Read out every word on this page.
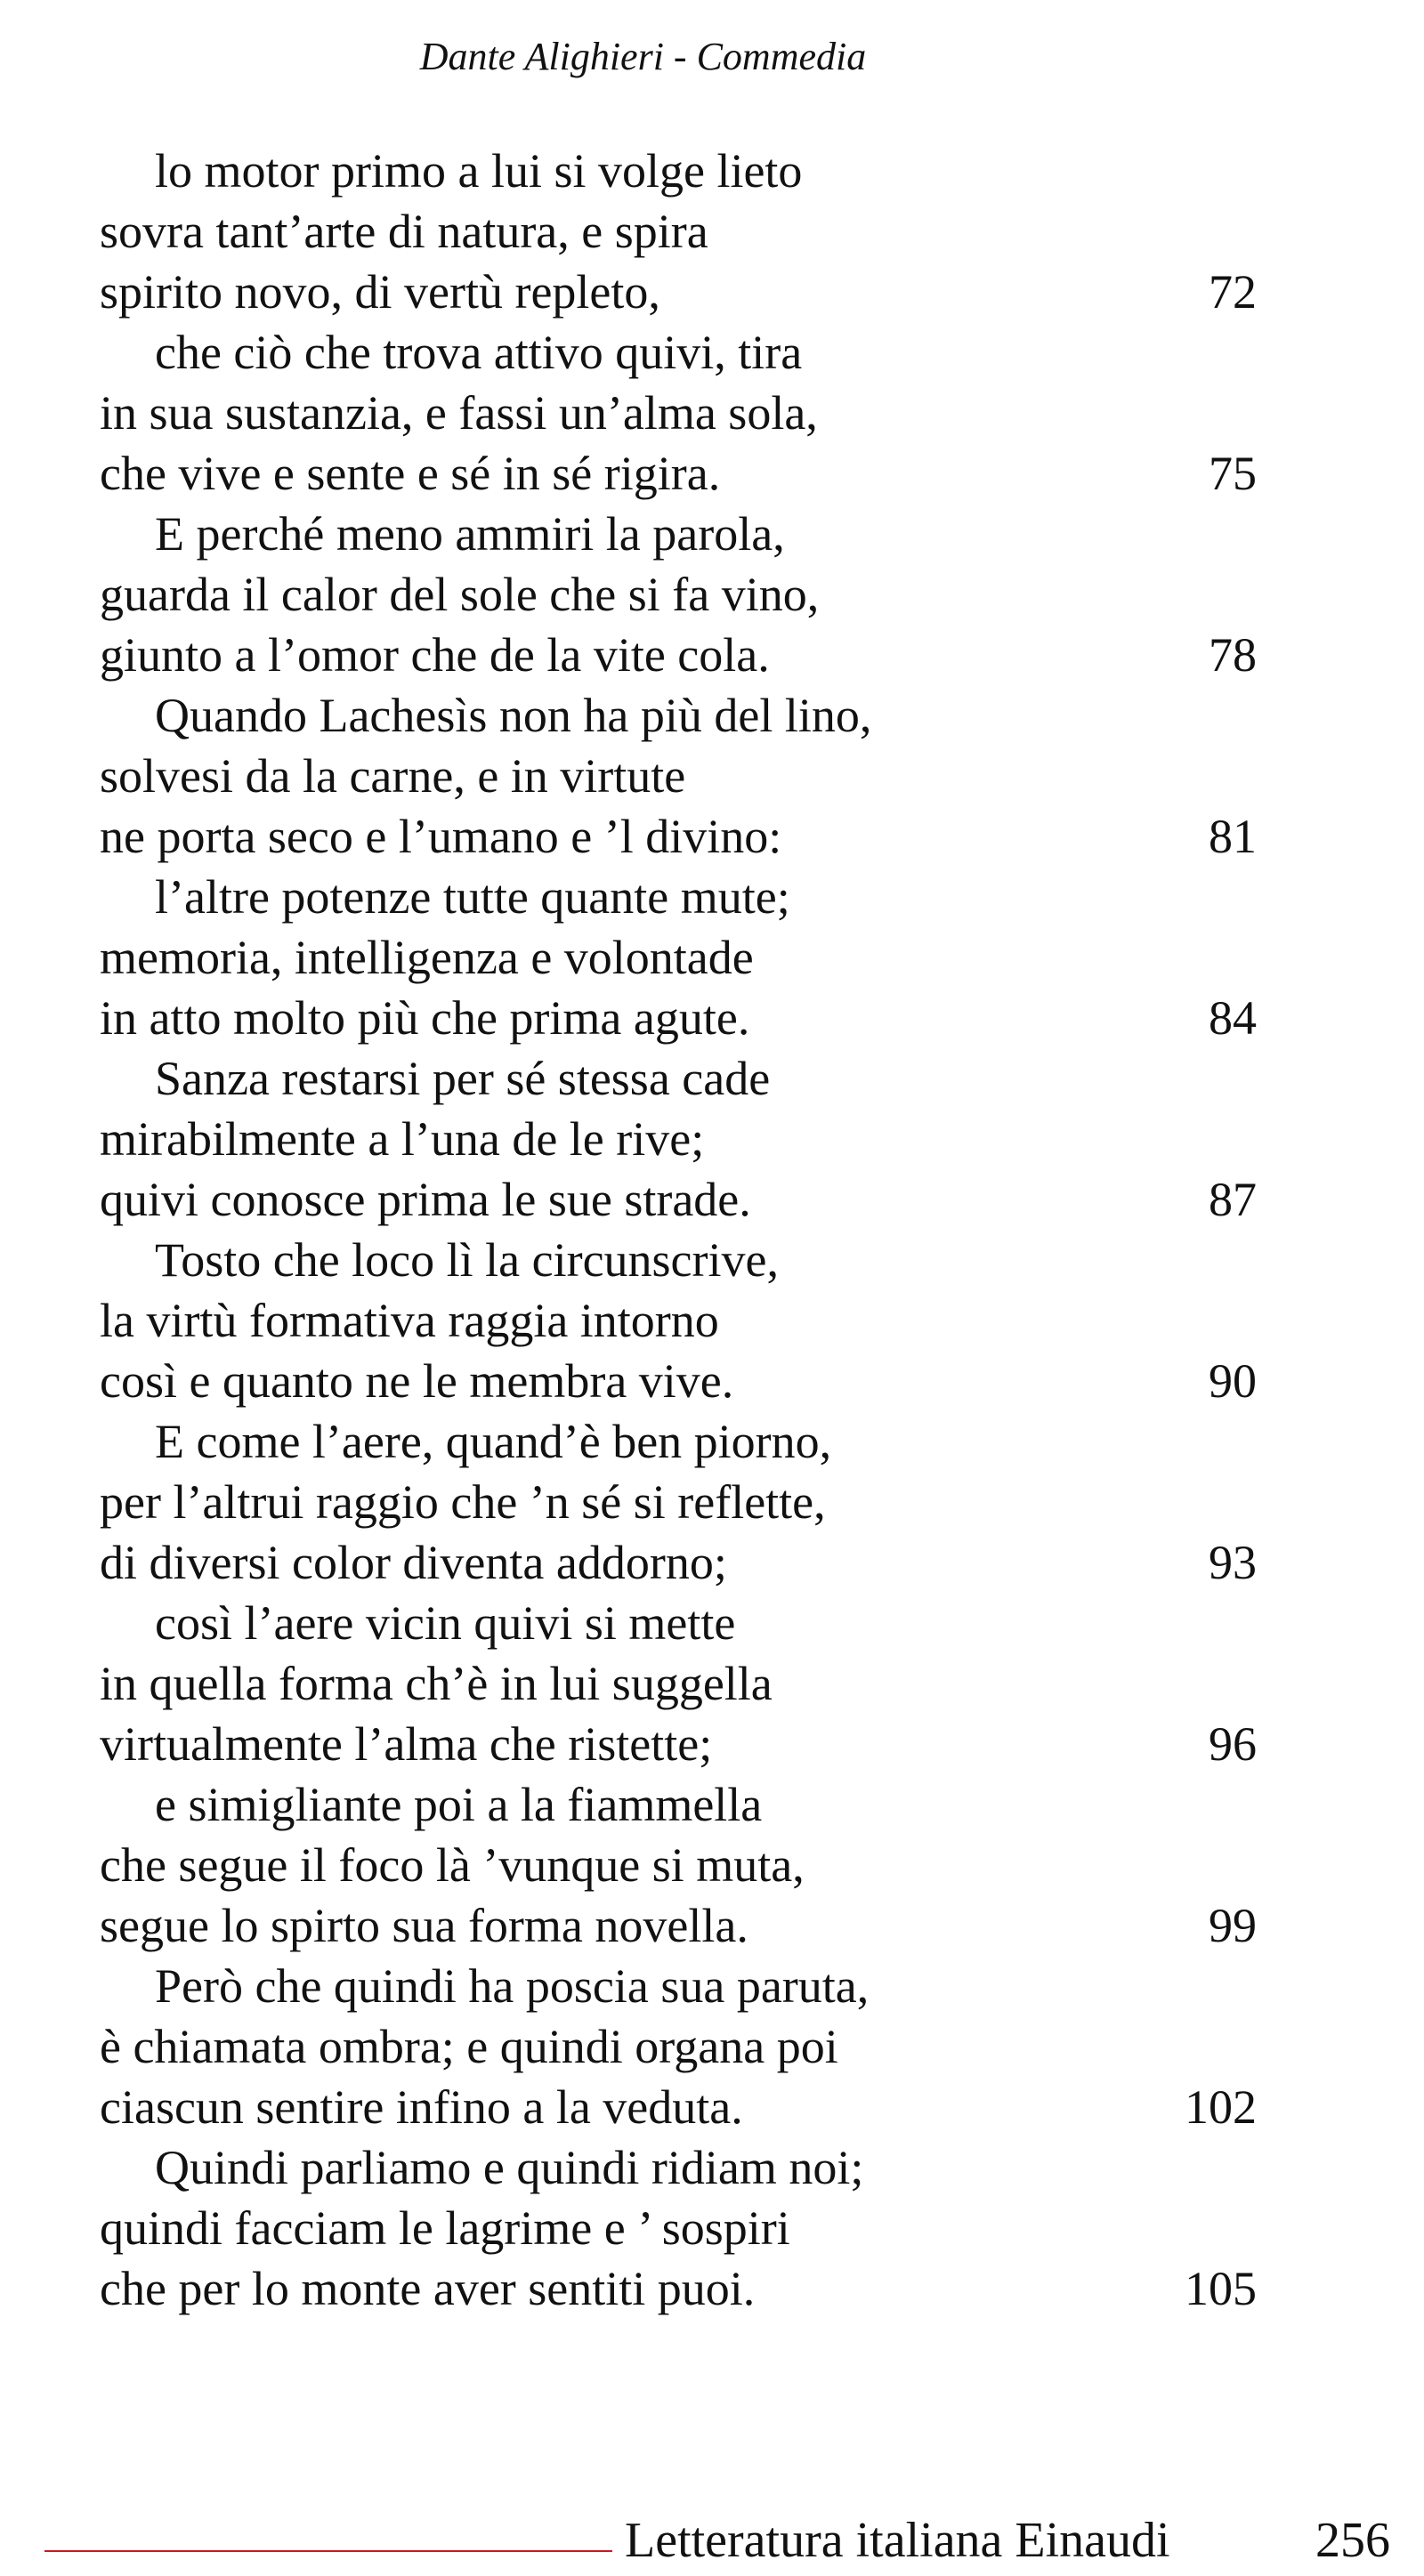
Dante Alighieri - Commedia
lo motor primo a lui si volge lieto
sovra tant’arte di natura, e spira
spirito novo, di vertù repleto,	72
che ciò che trova attivo quivi, tira
in sua sustanzia, e fassi un’alma sola,
che vive e sente e sé in sé rigira.	75
E perché meno ammiri la parola,
guarda il calor del sole che si fa vino,
giunto a l’omor che de la vite cola.	78
Quando Lachesìs non ha più del lino,
solvesi da la carne, e in virtute
ne porta seco e l’umano e ’l divino:	81
l’altre potenze tutte quante mute;
memoria, intelligenza e volontade
in atto molto più che prima agute.	84
Sanza restarsi per sé stessa cade
mirabilmente a l’una de le rive;
quivi conosce prima le sue strade.	87
Tosto che loco lì la circunscrive,
la virtù formativa raggia intorno
così e quanto ne le membra vive.	90
E come l’aere, quand’è ben piorno,
per l’altrui raggio che ’n sé si reflette,
di diversi color diventa addorno;	93
così l’aere vicin quivi si mette
in quella forma ch’è in lui suggella
virtualmente l’alma che ristette;	96
e simigliante poi a la fiammella
che segue il foco là ’vunque si muta,
segue lo spirto sua forma novella.	99
Però che quindi ha poscia sua paruta,
è chiamata ombra; e quindi organa poi
ciascun sentire infino a la veduta.	102
Quindi parliamo e quindi ridiam noi;
quindi facciam le lagrime e ’ sospiri
che per lo monte aver sentiti puoi.	105
Letteratura italiana Einaudi	256
